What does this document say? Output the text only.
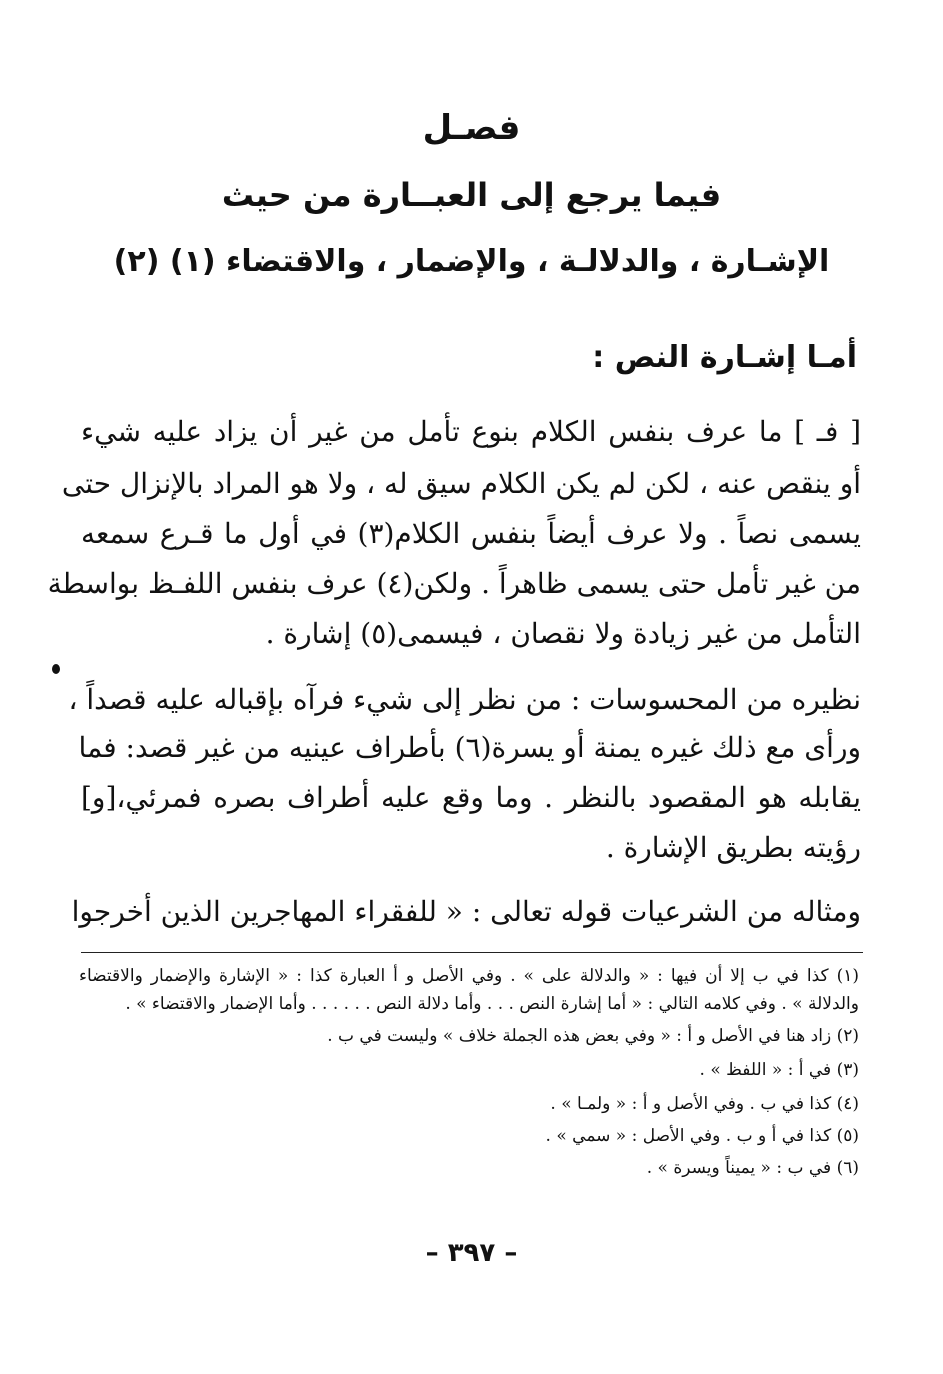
فصـل
فيما يرجع إلى العبــارة من حيث
الإشـارة ، والدلالـة ، والإضمار ، والاقتضاء (١) (٢)
أمـا إشـارة النص :
[ فـ ] ما عرف بنفس الكلام بنوع تأمل من غير أن يزاد عليه شيء
أو ينقص عنه ، لكن لم يكن الكلام سيق له ، ولا هو المراد بالإنزال حتى
يسمى نصاً . ولا عرف أيضاً بنفس الكلام(٣) في أول ما قـرع سمعه
من غير تأمل حتى يسمى ظاهراً . ولكن(٤) عرف بنفس اللفـظ بواسطة
التأمل من غير زيادة ولا نقصان ، فيسمى(٥) إشارة .
نظيره من المحسوسات : من نظر إلى شيء فرآه بإقباله عليه قصداً ،
ورأى مع ذلك غيره يمنة أو يسرة(٦) بأطراف عينيه من غير قصد: فما
يقابله هو المقصود بالنظر . وما وقع عليه أطراف بصره فمرئي،[و]
رؤيته بطريق الإشارة .
ومثاله من الشرعيات قوله تعالى : « للفقراء المهاجرين الذين أخرجوا
(١) كذا في ب إلا أن فيها : « والدلالة على » . وفي الأصل و أ العبارة كذا : « الإشارة والإضمار والاقتضاء
والدلالة » . وفي كلامه التالي : « أما إشارة النص . . . وأما دلالة النص . . . . . . وأما الإضمار والاقتضاء » .
(٢) زاد هنا في الأصل و أ : « وفي بعض هذه الجملة خلاف » وليست في ب .
(٣) في أ : « اللفظ » .
(٤) كذا في ب . وفي الأصل و أ : « ولمـا » .
(٥) كذا في أ و ب . وفي الأصل : « سمي » .
(٦) في ب : « يميناً ويسرة » .
– ٣٩٧ –
